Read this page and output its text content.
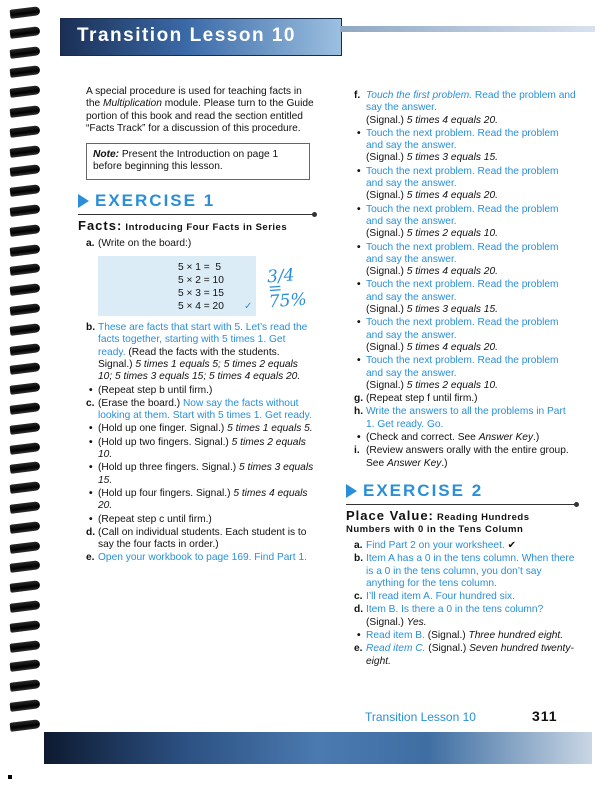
Transition Lesson 10

A special procedure is used for teaching facts in the Multiplication module. Please turn to the Guide portion of this book and read the section entitled “Facts Track” for a discussion of this procedure.

Note: Present the Introduction on page 1 before beginning this lesson.
EXERCISE 1
Facts: Introducing Four Facts in Series
a. (Write on the board:)
5 × 1 =  5
5 × 2 = 10
5 × 3 = 15
5 × 4 = 20 ✓
3/4 = 75%
b. These are facts that start with 5. Let’s read the facts together, starting with 5 times 1. Get ready. (Read the facts with the students. Signal.) 5 times 1 equals 5; 5 times 2 equals 10; 5 times 3 equals 15; 5 times 4 equals 20.
• (Repeat step b until firm.)
c. (Erase the board.) Now say the facts without looking at them. Start with 5 times 1. Get ready.
• (Hold up one finger. Signal.) 5 times 1 equals 5.
• (Hold up two fingers. Signal.) 5 times 2 equals 10.
• (Hold up three fingers. Signal.) 5 times 3 equals 15.
• (Hold up four fingers. Signal.) 5 times 4 equals 20.
• (Repeat step c until firm.)
d. (Call on individual students. Each student is to say the four facts in order.)
e. Open your workbook to page 169. Find Part 1.
f. Touch the first problem. Read the problem and say the answer.
(Signal.) 5 times 4 equals 20.
• Touch the next problem. Read the problem and say the answer.
(Signal.) 5 times 3 equals 15.
• Touch the next problem. Read the problem and say the answer.
(Signal.) 5 times 4 equals 20.
• Touch the next problem. Read the problem and say the answer.
(Signal.) 5 times 2 equals 10.
• Touch the next problem. Read the problem and say the answer.
(Signal.) 5 times 4 equals 20.
• Touch the next problem. Read the problem and say the answer.
(Signal.) 5 times 3 equals 15.
• Touch the next problem. Read the problem and say the answer.
(Signal.) 5 times 4 equals 20.
• Touch the next problem. Read the problem and say the answer.
(Signal.) 5 times 2 equals 10.
g. (Repeat step f until firm.)
h. Write the answers to all the problems in Part 1. Get ready. Go.
• (Check and correct. See Answer Key.)
i. (Review answers orally with the entire group. See Answer Key.)
EXERCISE 2
Place Value: Reading Hundreds Numbers with 0 in the Tens Column
a. Find Part 2 on your worksheet. ✔
b. Item A has a 0 in the tens column. When there is a 0 in the tens column, you don’t say anything for the tens column.
c. I’ll read item A. Four hundred six.
d. Item B. Is there a 0 in the tens column?
(Signal.) Yes.
• Read item B. (Signal.) Three hundred eight.
e. Read item C. (Signal.) Seven hundred twenty-eight.
Transition Lesson 10	311
